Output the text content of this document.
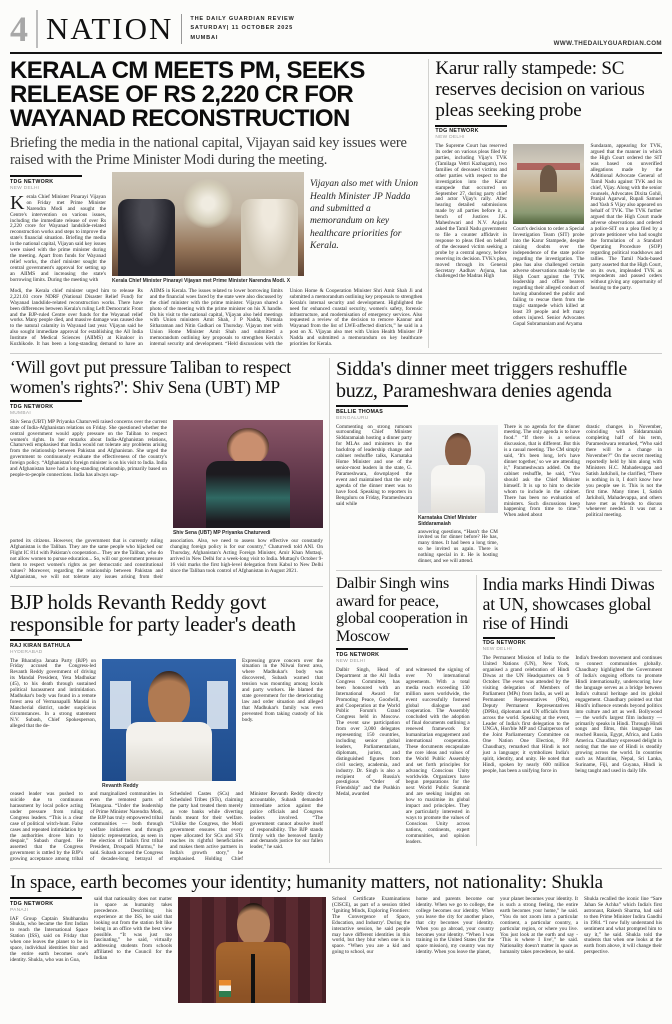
4 NATION	THE DAILY GUARDIAN REVIEW
SATURDAY| 11 OCTOBER 2025
MUMBAI
WWW.THEDAILYGUARDIAN.COM
KERALA CM MEETS PM, SEEKS RELEASE OF RS 2,220 CR FOR WAYANAD RECONSTRUCTION

Briefing the media in the national capital, Vijayan said key issues were raised with the Prime Minister Modi during the meeting.

TDG NETWORK
NEW DELHI
Kerala Chief Minister Pinarayi Vijayan on Friday met Prime Minister Narendra Modi and sought the Centre's intervention on various issues, including the immediate release of over Rs 2,220 crore for Wayanad landslide-related reconstruction works and steps to improve the state's financial situation. Briefing the media in the national capital, Vijayan said key issues were raised with the prime minister during the meeting. Apart from funds for Wayanad relief works, the chief minister sought the central government's approval for setting up an AIIMS and increasing the state's borrowing limits. During the meeting with	Kerala Chief Minister Pinarayi Vijayan met Prime Minister Narendra Modi. X
Vijayan also met with Union Health Minister JP Nadda and submitted a memorandum on key healthcare priorities for Kerala.
Modi, the Kerala chief minister urged him to release Rs 2,221.03 crore NDRF (National Disaster Relief Fund) for Wayanad landslide-related reconstruction works. There have been differences between Kerala's ruling Left Democratic Front and the BJP-ruled Centre over funds for the Wayanad relief works. Many people died, and massive damage was caused due to the natural calamity in Wayanad last year. Vijayan said he also sought immediate approval for establishing the All India Institute of Medical Sciences (AIIMS) at Kinaloor in Kozhikode. It has been a long-standing demand to have an AIIMS in Kerala. The issues related to lower borrowing limits and the financial woes faced by the state were also discussed by the chief minister with the prime minister. Vijayan shared a photo of the meeting with the prime minister on his X handle. On his visit to the national capital, Vijayan also held meetings with Union ministers Amit Shah, J P Nadda, Nirmala Sitharaman and Nitin Gadkari on Thursday. Vijayan met with Union Home Minister Amit Shah and submitted a memorandum outlining key proposals to strengthen Kerala's internal security and development. “Held discussions with the Union Home & Cooperation Minister Shri Amit Shah Ji and submitted a memorandum outlining key proposals to strengthen Kerala's internal security and development. Highlighted the need for enhanced coastal security, women's safety, forensic infrastructure, and modernisation of emergency services. Also requested a review of the decision to remove Kannur and Wayanad from the list of LWE-affected districts,” he said in a post on X. Vijayan also met with Union Health Minister JP Nadda and submitted a memorandum on key healthcare priorities for Kerala.
Karur rally stampede: SC reserves decision on various pleas seeking probe
TDG NETWORK
NEW DELHI
The Supreme Court has reserved its order on various pleas filed by parties, including Vijay's TVK (Tamilaga Vettri Kazhagam), two families of deceased victims and other parties with respect to the investigation into the Karur stampede that occurred on September 27, during party chief and actor Vijay's rally. After hearing detailed submissions made by all parties before it, a bench of Justices J.K. Maheshwari and N.V. Anjaria asked the Tamil Nadu government to file a counter affidavit in response to pleas filed on behalf of the deceased victim seeking a probe by a central agency, before reserving its decision. TVK's plea, moved through its General Secretary Aadhav Arjuna, has challenged the Madras High
Court's decision to order a Special Investigation Team (SIT) probe into the Karur Stampede, despite raising doubts over the independence of the state police regarding the investigation. The plea has also challenged certain adverse observations made by the High Court against the TVK leadership and office bearers regarding their alleged conduct of having abandoned the public and failing to rescue them from the tragic stampede which killed at least 39 people and left many others injured. Senior Advocates Gopal Subramaniam and Aryama
Sundaram, appearing for TVK, argued that the manner in which the High Court ordered the SIT was based on unverified allegations made by the Additional Advocate General of Tamil Nadu against TVK and its chief, Vijay. Along with the senior counsels, Advocates Dixita Gohil, Pranjal Agarwal, Rupali Samuel and Yash S Vijay also appeared on behalf of TVK. The TVK further argued that the High Court made adverse observations and ordered a police-SIT on a plea filed by a private petitioner who had sought the formulation of a Standard Operating Procedure (SOP) regarding political roadshows and rallies. The Tamil Nadu-based party asserted that the High Court, on its own, impleaded TVK as respondents and passed orders without giving any opportunity of hearing to the party.
‘Will govt put pressure Taliban to respect women's rights?': Shiv Sena (UBT) MP
TDG NETWORK
MUMBAI
Shiv Sena (UBT) MP Priyanka Chaturvedi raised concerns over the current state of India-Afghanistan relations on Friday. She questioned whether the central government would apply pressure on the Taliban to respect women's rights. In her remarks about India-Afghanistan relations, Chaturvedi emphasised that India would not tolerate any problems arising from the relationship between Pakistan and Afghanistan. She urged the government to continuously evaluate the effectiveness of the country's foreign policy. “Afghanistan's foreign minister is on his visit to India. India and Afghanistan have had a long-standing relationship, primarily based on people-to-people connections. India has always sup-
Shiv Sena (UBT) MP Priyanka Chaturvedi
ported its citizens. However, the government that is currently ruling Afghanistan is the Taliban. They are the same people who hijacked our Flight IC 814 with Pakistan's cooperation... They are the Taliban, who do not allow women to pursue education... So, will our government pressure them to respect women's rights as per democratic and constitutional values? Moreover, regarding the relationship between Pakistan and Afghanistan, we will not tolerate any issues arising from their association. Also, we need to assess how effective our constantly changing foreign policy is for our country,” Chaturvedi told ANI. On Thursday, Afghanistan's Acting Foreign Minister, Amir Khan Muttaqi, arrived in New Delhi for a week-long visit to India. Muttaqi's October 9-16 visit marks the first high-level delegation from Kabul to New Delhi since the Taliban took control of Afghanistan in August 2021.
BJP holds Revanth Reddy govt responsible for party leader's death
RAJ KIRAN BATHULA
HYDERABAD
The Bharatiya Janata Party (BJP) on Friday accused the Congress-led Revanth Reddy government of driving its Mandal President, Yeta Madhukar (45), to his death through sustained political harassment and intimidation. Madhukar's body was found in a remote forest area of Vermanapalli Mandal in Mancherial district, under suspicious circumstances. In a strong statement N.V. Subash, Chief Spokesperson, alleged that the de-
Revanth Reddy
Expressing grave concern over the situation in the Nilwai forest area, where Madhukar's body was discovered, Subash warned that tension was mounting among locals and party workers. He blamed the state government for the deteriorating law and order situation and alleged that Madhukar's family was even prevented from taking custody of his body.
ceased leader was pushed to suicide due to continuous harassment by local police acting under pressure from ruling Congress leaders. “This is a clear case of political witch-hunt. False cases and repeated intimidation by the authorities drove him to despair,” Subash charged. He asserted that the Congress government is rattled by the BJP's growing acceptance among tribal and marginalized communities in even the remotest parts of Telangana. “Under the leadership of Prime Minister Narendra Modi, the BJP has truly empowered tribal communities — both through welfare initiatives and through historic representation, as seen in the election of India's first tribal President, Droupadi Murmu,” he said. Subash accused the Congress of decades-long betrayal of Scheduled Castes (SCs) and Scheduled Tribes (STs), claiming the party had treated them merely as vote banks while diverting funds meant for their welfare. “Unlike the Congress, the Modi government ensures that every rupee allocated for SCs and STs reaches its rightful beneficiaries and makes them active partners in India's growth story,” he emphasised. Holding Chief Minister Revanth Reddy directly accountable, Subash demanded immediate action against the police officials and Congress leaders involved. “The government cannot absolve itself of responsibility. The BJP stands firmly with the bereaved family and demands justice for our fallen leader,” he said.
Sidda's dinner meet triggers reshuffle buzz, Parameshwara denies agenda
BELLIE THOMAS
BENGALURU
Commenting on strong rumours surrounding Chief Minister Siddaramaiah hosting a dinner party for MLAs and ministers in the backdrop of leadership change and cabinet reshuffle talks, Karnataka Home Minister and one of the senior-most leaders in the state, G. Parameshwara, downplayed the event and maintained that the only agenda of the dinner meet was to have food. Speaking to reporters in Bengaluru on Friday, Parameshwara said while
Karnataka Chief Minister Siddaramaiah
answering questions, “Hasn't the CM invited us for dinner before? He has, many times. It had been a long time, so he invited us again. There is nothing special in it. He is hosting dinner, and we will attend.
There is no agenda for the dinner meeting. The only agenda is to have food.” “If there is a serious discussion, that is different. But this is a casual meeting. The CM simply said, ‘It's been long, let's have dinner together,' so we are attending it,” Parameshwara added. On the cabinet reshuffle, he said, “You should ask the Chief Minister himself. It is up to him to decide whom to include in the cabinet. There has been no evaluation of ministers. Such discussions keep happening from time to time.” When asked about
drastic changes in November, coinciding with Siddaramaiah completing half of his term, Parameshwara remarked, “Who said there will be a change in November?” On the secret meeting reportedly held by him along with Ministers H.C. Mahadevappa and Satish Jarkiholi, he clarified, “There is nothing in it, I don't know how you people see it. This is not the first time. Many times I, Satish Jarkiholi, Mahadevappa, and others have met as friends to discuss whenever needed. It was not a political meeting.
Dalbir Singh wins award for peace, global cooperation in Moscow
TDG NETWORK
NEW DELHI
Dalbir Singh, Head of Department at the All India Congress Committee, has been honoured with an International Award for Promoting Peace, Goodwill, and Cooperation at the World Public Forum's Grand Congress held in Moscow. The event saw participation from over 3,000 delegates representing 150 countries, including senior global leaders, Parliamentarians, diplomats, jurists, and distinguished figures from civil society, academia, and industry. Dr. Singh is also a recipient of Russia's prestigious “Order of Friendship” and the Pushkin Medal, awarded
and witnessed the signing of over 70 international agreements. With a total media reach exceeding 130 million users worldwide, the event successfully fostered global dialogue and cooperation. The Assembly concluded with the adoption of final documents outlining a renewed framework for humanitarian engagement and international cooperation. These documents encapsulate the core ideas and values of the World Public Assembly and set forth principles for advancing Conscious Unity worldwide. Organizers have begun preparations for the next World Public Summit and are seeking insights on how to maximise its global impact and principles. They are particularly interested in ways to promote the values of Conscious Unity across nations, continents, expert communities, and opinion leaders.
India marks Hindi Diwas at UN, showcases global rise of Hindi
TDG NETWORK
NEW DELHI
The Permanent Mission of India to the United Nations (UN), New York, organised a grand celebration of Hindi Diwas at the UN Headquarters on 9 October. The event was attended by the visiting delegation of Members of Parliament (MPs) from India, as well as Permanent Representatives (PRs), Deputy Permanent Representatives (DPRs), diplomats and UN officials from across the world. Speaking at the event, Leader of India's first delegation to the UNGA, Hon'ble MP and Chairperson of the Joint Parliamentary Committee on One Nation One Election, P.P. Chaudhary, remarked that Hindi is not just a language; it symbolizes India's spirit, identity, and unity. He noted that Hindi, spoken by nearly 600 million people, has been a unifying force in
India's freedom movement and continues to connect communities globally. Chaudhary highlighted the Government of India's ongoing efforts to promote Hindi internationally, underscoring how the language serves as a bridge between India's cultural heritage and its global engagement. Chaudhary pointed out that Hindi's influence extends beyond politics into culture and art as well. Bollywood — the world's largest film industry — primarily speaks in Hindi. Through Hindi songs and films, this language has reached Russia, Egypt, Africa, and Latin America. Chaudhary expressed delight in noting that the use of Hindi is steadily growing across the world. In countries such as Mauritius, Nepal, Sri Lanka, Suriname, Fiji, and Guyana, Hindi is being taught and used in daily life.
In space, earth becomes your identity; humanity matters, not nationality: Shukla
TDG NETWORK
PANAJI
IAF Group Captain Shubhanshu Shukla, who became the first Indian to reach the International Space Station (ISS), said on Friday that when one leaves the planet to be in space, individual identities blur and the entire earth becomes one's identity. Shukla, who was in Goa,
said that nationality does not matter in space as humanity takes precedence. Describing his experience at the ISS, he said that looking out from the station felt like being in an office with the best view possible. “It was just too fascinating,” he said, virtually addressing students from schools affiliated to the Council for the Indian
School Certificate Examinations (CISCE), as part of a session titled ‘Igniting Minds, Exploring Frontiers: The Convergence of Space, Education, and Industry'. During the interactive session, he said people may have different identities in this world, but they blur when one is in space. “When you are a kid and going to school, our
home and parents become our identity. When we go to college, the college becomes our identity. When you leave the city for another place, that city becomes your identity. When you go abroad, your country becomes your identity. “When I was training in the United States (for the space mission), my country was my identity. When you leave the planet,
your planet becomes your identity. It is such a strong feeling, the entire earth becomes your home,” he said. “You do not zoom into a particular continent, a particular country, a particular region, or where you live. You just look at the earth and say - ‘This is where I live',” he said. Nationality doesn't matter in space as humanity takes precedence, he said.
Shukla recalled the iconic line “Sare Jahan Se Achha” which India's first astronaut, Rakesh Sharma, had said to then Prime Minister Indira Gandhi in 1984. “I now fully understand his sentiment and what prompted him to say it,” he said. Shukla told the students that when one looks at the earth from above, it will change their perspective.
